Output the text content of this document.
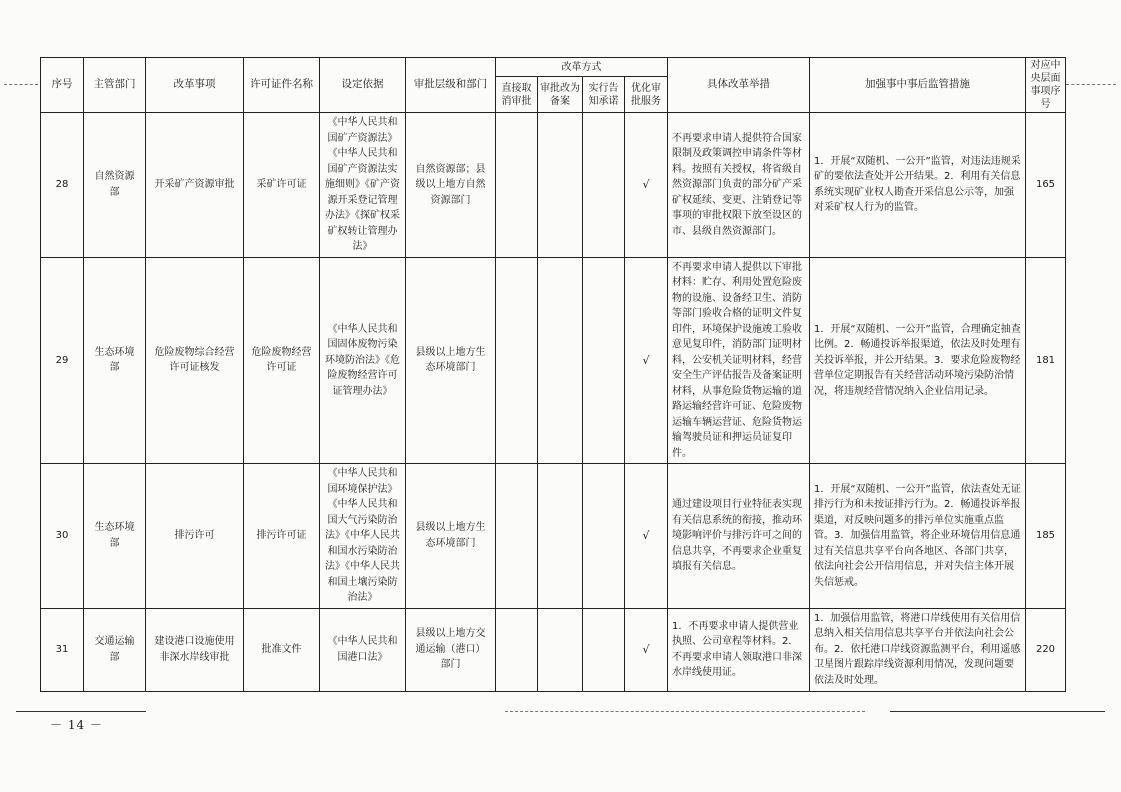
序号	主管部门	改革事项	许可证件名称	设定依据	审批层级和部门	改革方式				具体改革举措	加强事中事后监管措施	对应中央层面事项序号
						直接取消审批	审批改为备案	实行告知承诺	优化审批服务			
28	自然资源部	开采矿产资源审批	采矿许可证	《中华人民共和国矿产资源法》《中华人民共和国矿产资源法实施细则》《矿产资源开采登记管理办法》《探矿权采矿权转让管理办法》	自然资源部；县级以上地方自然资源部门				√	不再要求申请人提供符合国家限制及政策调控申请条件等材料。按照有关授权，将省级自然资源部门负责的部分矿产采矿权延续、变更、注销登记等事项的审批权限下放至设区的市、县级自然资源部门。	1．开展“双随机、一公开”监管，对违法违规采矿的要依法查处并公开结果。2．利用有关信息系统实现矿业权人勘查开采信息公示等，加强对采矿权人行为的监管。	165
29	生态环境部	危险废物综合经营许可证核发	危险废物经营许可证	《中华人民共和国固体废物污染环境防治法》《危险废物经营许可证管理办法》	县级以上地方生态环境部门				√	不再要求申请人提供以下审批材料：贮存、利用处置危险废物的设施、设备经卫生、消防等部门验收合格的证明文件复印件，环境保护设施竣工验收意见复印件，消防部门证明材料，公安机关证明材料，经营安全生产评估报告及备案证明材料，从事危险货物运输的道路运输经营许可证、危险废物运输车辆运营证、危险货物运输驾驶员证和押运员证复印件。	1．开展“双随机、一公开”监管，合理确定抽查比例。2．畅通投诉举报渠道，依法及时处理有关投诉举报，并公开结果。3．要求危险废物经营单位定期报告有关经营活动环境污染防治情况，将违规经营情况纳入企业信用记录。	181
30	生态环境部	排污许可	排污许可证	《中华人民共和国环境保护法》《中华人民共和国大气污染防治法》《中华人民共和国水污染防治法》《中华人民共和国土壤污染防治法》	县级以上地方生态环境部门				√	通过建设项目行业特征表实现有关信息系统的衔接，推动环境影响评价与排污许可之间的信息共享，不再要求企业重复填报有关信息。	1．开展“双随机、一公开”监管，依法查处无证排污行为和未按证排污行为。2．畅通投诉举报渠道，对反映问题多的排污单位实施重点监管。3．加强信用监管，将企业环境信用信息通过有关信息共享平台向各地区、各部门共享，依法向社会公开信用信息，并对失信主体开展失信惩戒。	185
31	交通运输部	建设港口设施使用非深水岸线审批	批准文件	《中华人民共和国港口法》	县级以上地方交通运输（港口）部门				√	1．不再要求申请人提供营业执照、公司章程等材料。2．不再要求申请人领取港口非深水岸线使用证。	1．加强信用监管，将港口岸线使用有关信用信息纳入相关信用信息共享平台并依法向社会公布。2．依托港口岸线资源监测平台，利用遥感卫星图片跟踪岸线资源利用情况，发现问题要依法及时处理。	220
－ 14 －
